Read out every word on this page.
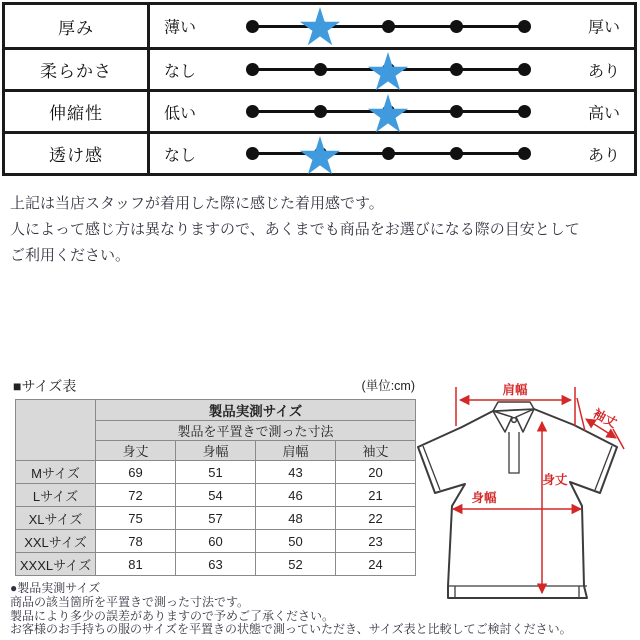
厚み	薄い	厚い
柔らかさ	なし	あり
伸縮性	低い	高い
透け感	なし	あり
上記は当店スタッフが着用した際に感じた着用感です。
人によって感じ方は異なりますので、あくまでも商品をお選びになる際の目安として
ご利用ください。
■サイズ表	(単位:cm)
	製品実測サイズ			
	製品を平置きで測った寸法			
	身丈	身幅	肩幅	袖丈
Mサイズ	69	51	43	20
Lサイズ	72	54	46	21
XLサイズ	75	57	48	22
XXLサイズ	78	60	50	23
XXXLサイズ	81	63	52	24
●製品実測サイズ
商品の該当箇所を平置きで測った寸法です。
製品により多少の誤差がありますので予めご了承ください。
お客様のお手持ちの服のサイズを平置きの状態で測っていただき、サイズ表と比較してご検討ください。
肩幅
袖丈
身丈
身幅
